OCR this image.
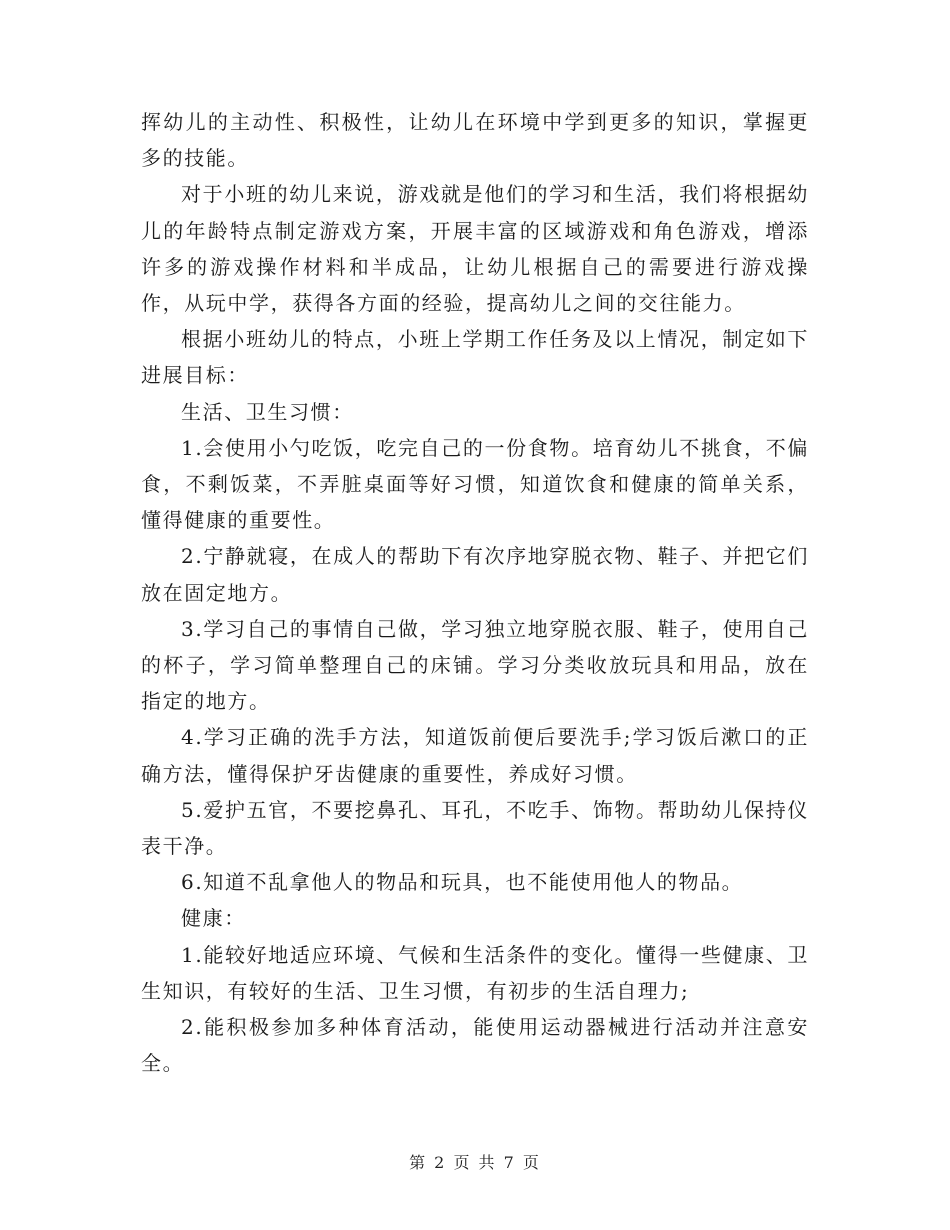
挥幼儿的主动性、积极性，让幼儿在环境中学到更多的知识，掌握更多的技能。

对于小班的幼儿来说，游戏就是他们的学习和生活，我们将根据幼儿的年龄特点制定游戏方案，开展丰富的区域游戏和角色游戏，增添许多的游戏操作材料和半成品，让幼儿根据自己的需要进行游戏操作，从玩中学，获得各方面的经验，提高幼儿之间的交往能力。

根据小班幼儿的特点，小班上学期工作任务及以上情况，制定如下进展目标：

生活、卫生习惯：

1.会使用小勺吃饭，吃完自己的一份食物。培育幼儿不挑食，不偏食，不剩饭菜，不弄脏桌面等好习惯，知道饮食和健康的简单关系，懂得健康的重要性。

2.宁静就寝，在成人的帮助下有次序地穿脱衣物、鞋子、并把它们放在固定地方。

3.学习自己的事情自己做，学习独立地穿脱衣服、鞋子，使用自己的杯子，学习简单整理自己的床铺。学习分类收放玩具和用品，放在指定的地方。

4.学习正确的洗手方法，知道饭前便后要洗手;学习饭后漱口的正确方法，懂得保护牙齿健康的重要性，养成好习惯。

5.爱护五官，不要挖鼻孔、耳孔，不吃手、饰物。帮助幼儿保持仪表干净。

6.知道不乱拿他人的物品和玩具，也不能使用他人的物品。

健康：

1.能较好地适应环境、气候和生活条件的变化。懂得一些健康、卫生知识，有较好的生活、卫生习惯，有初步的生活自理力;

2.能积极参加多种体育活动，能使用运动器械进行活动并注意安全。

第 2 页 共 7 页
